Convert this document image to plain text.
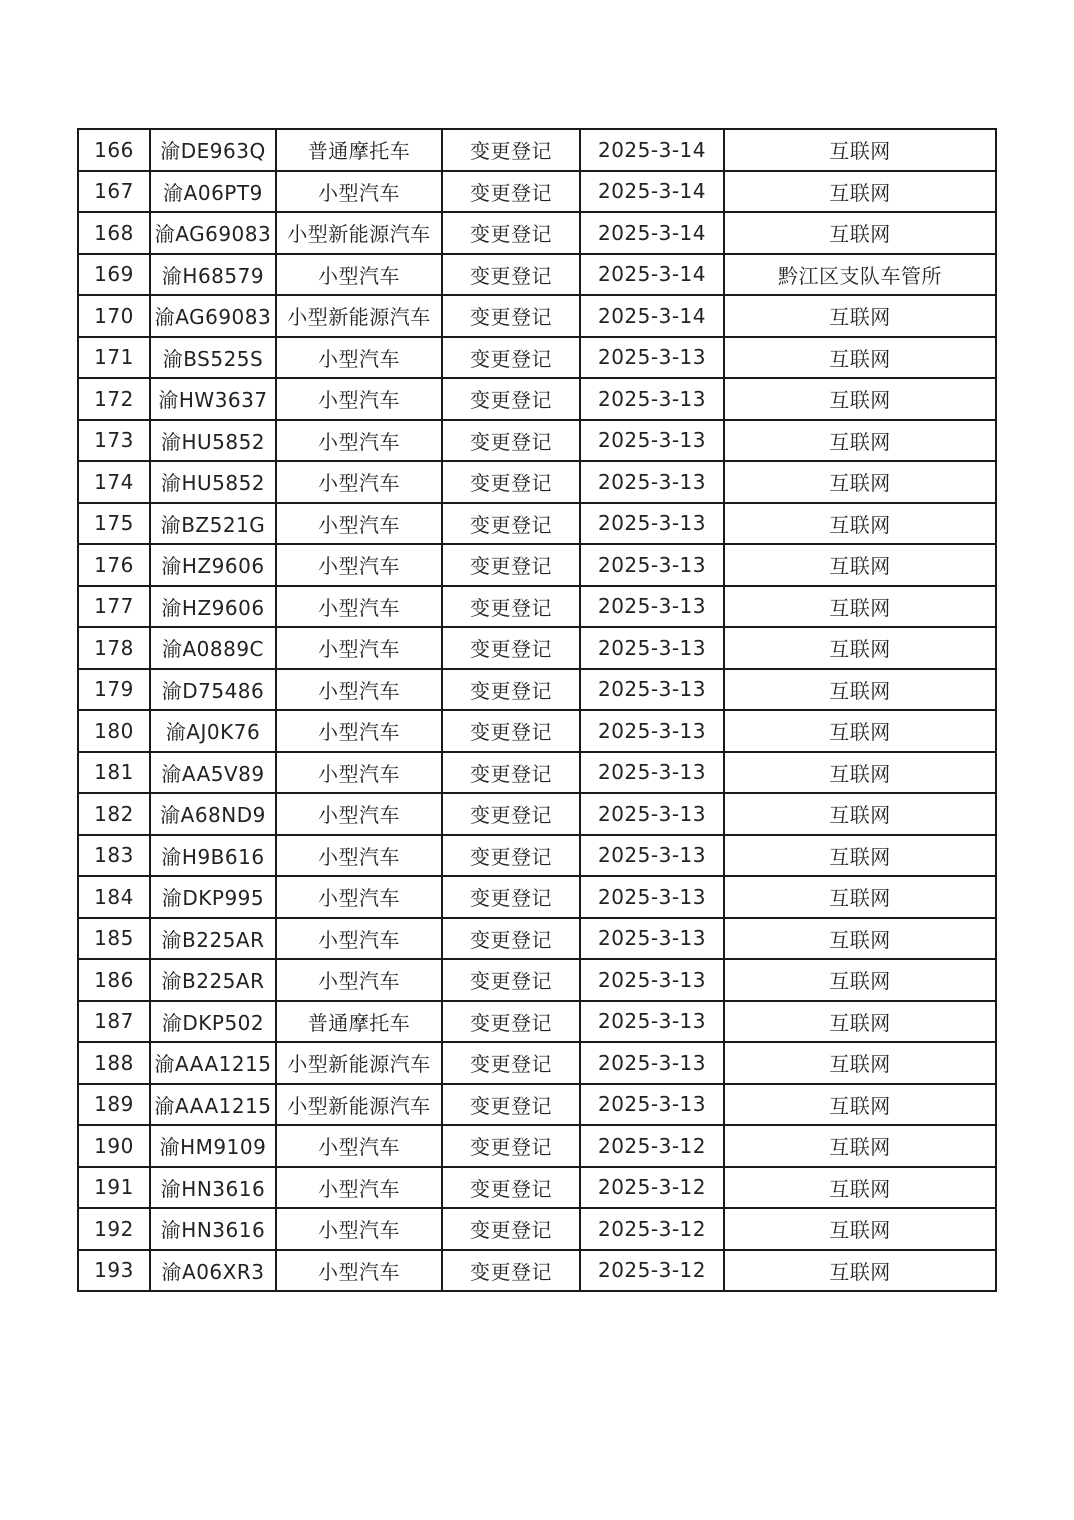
166	渝DE963Q	普通摩托车	变更登记	2025-3-14	互联网
167	渝A06PT9	小型汽车	变更登记	2025-3-14	互联网
168	渝AG69083	小型新能源汽车	变更登记	2025-3-14	互联网
169	渝H68579	小型汽车	变更登记	2025-3-14	黔江区支队车管所
170	渝AG69083	小型新能源汽车	变更登记	2025-3-14	互联网
171	渝BS525S	小型汽车	变更登记	2025-3-13	互联网
172	渝HW3637	小型汽车	变更登记	2025-3-13	互联网
173	渝HU5852	小型汽车	变更登记	2025-3-13	互联网
174	渝HU5852	小型汽车	变更登记	2025-3-13	互联网
175	渝BZ521G	小型汽车	变更登记	2025-3-13	互联网
176	渝HZ9606	小型汽车	变更登记	2025-3-13	互联网
177	渝HZ9606	小型汽车	变更登记	2025-3-13	互联网
178	渝A0889C	小型汽车	变更登记	2025-3-13	互联网
179	渝D75486	小型汽车	变更登记	2025-3-13	互联网
180	渝AJ0K76	小型汽车	变更登记	2025-3-13	互联网
181	渝AA5V89	小型汽车	变更登记	2025-3-13	互联网
182	渝A68ND9	小型汽车	变更登记	2025-3-13	互联网
183	渝H9B616	小型汽车	变更登记	2025-3-13	互联网
184	渝DKP995	小型汽车	变更登记	2025-3-13	互联网
185	渝B225AR	小型汽车	变更登记	2025-3-13	互联网
186	渝B225AR	小型汽车	变更登记	2025-3-13	互联网
187	渝DKP502	普通摩托车	变更登记	2025-3-13	互联网
188	渝AAA1215	小型新能源汽车	变更登记	2025-3-13	互联网
189	渝AAA1215	小型新能源汽车	变更登记	2025-3-13	互联网
190	渝HM9109	小型汽车	变更登记	2025-3-12	互联网
191	渝HN3616	小型汽车	变更登记	2025-3-12	互联网
192	渝HN3616	小型汽车	变更登记	2025-3-12	互联网
193	渝A06XR3	小型汽车	变更登记	2025-3-12	互联网
